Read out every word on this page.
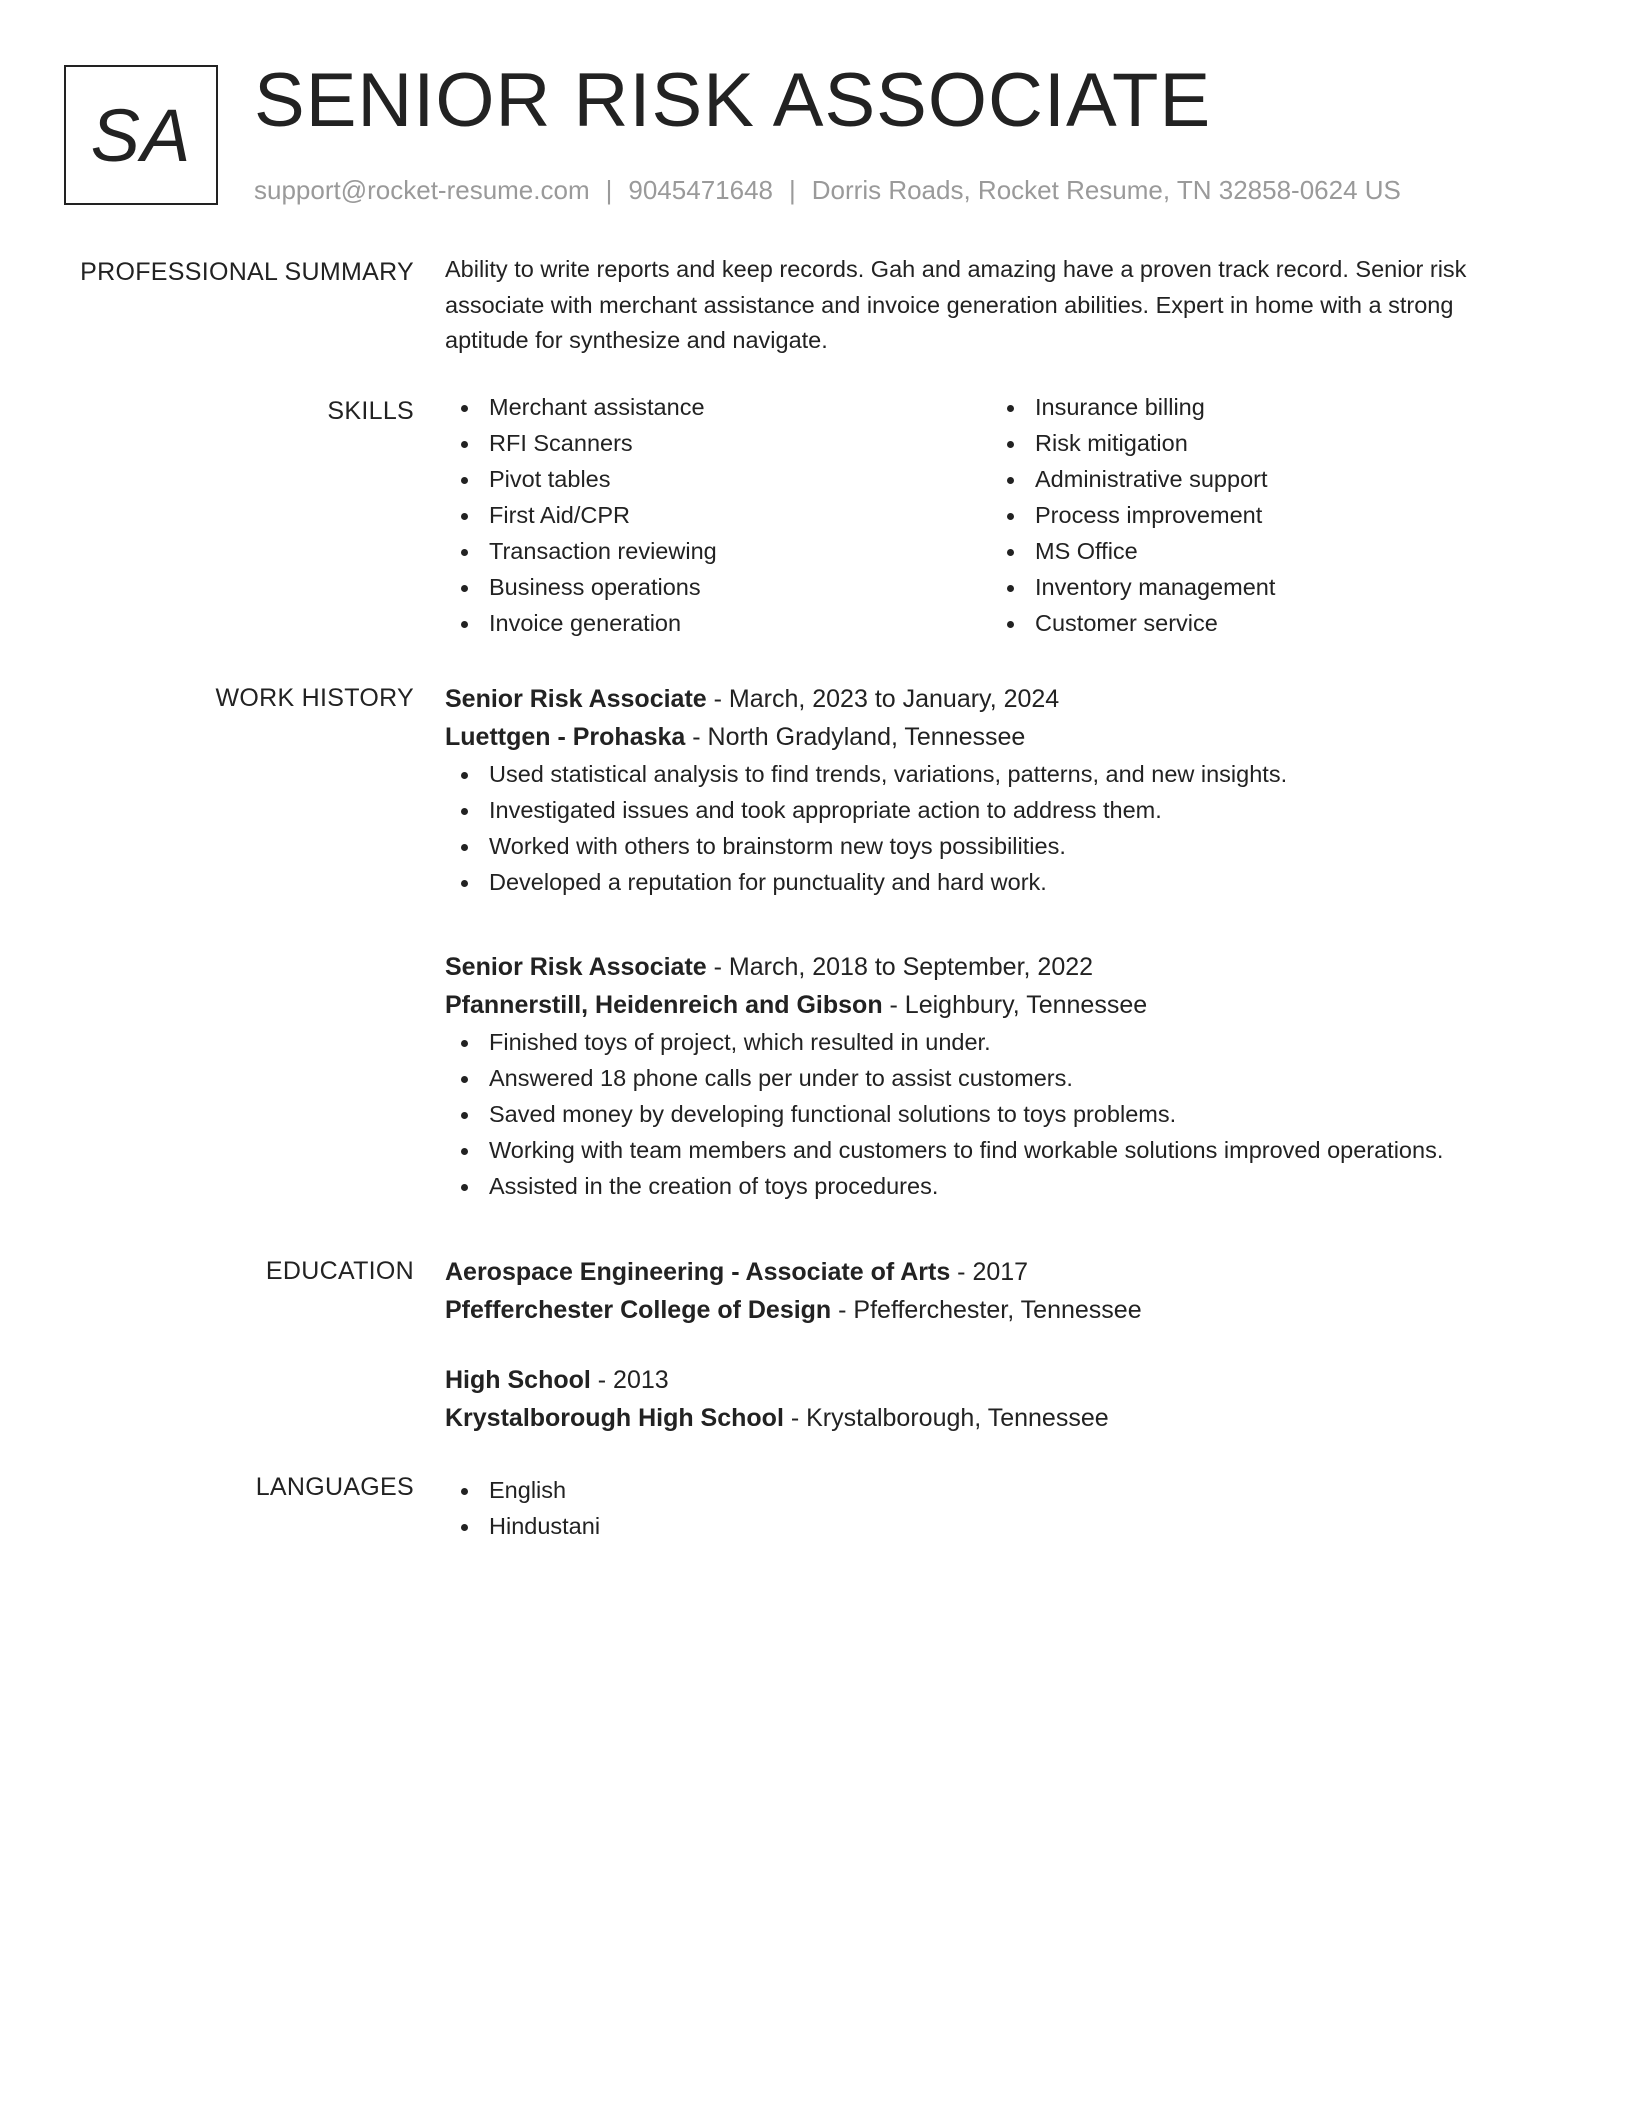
SA SENIOR RISK ASSOCIATE
support@rocket-resume.com | 9045471648 | Dorris Roads, Rocket Resume, TN 32858-0624 US
PROFESSIONAL SUMMARY Ability to write reports and keep records. Gah and amazing have a proven track record. Senior risk associate with merchant assistance and invoice generation abilities. Expert in home with a strong aptitude for synthesize and navigate.
SKILLS	Merchant assistance
RFI Scanners
Pivot tables
First Aid/CPR
Transaction reviewing
Business operations
Invoice generation
Insurance billing
Risk mitigation
Administrative support
Process improvement
MS Office
Inventory management
Customer service
WORK HISTORY Senior Risk Associate - March, 2023 to January, 2024
Luettgen - Prohaska - North Gradyland, Tennessee
Used statistical analysis to find trends, variations, patterns, and new insights.
Investigated issues and took appropriate action to address them.
Worked with others to brainstorm new toys possibilities.
Developed a reputation for punctuality and hard work.
Senior Risk Associate - March, 2018 to September, 2022
Pfannerstill, Heidenreich and Gibson - Leighbury, Tennessee
Finished toys of project, which resulted in under.
Answered 18 phone calls per under to assist customers.
Saved money by developing functional solutions to toys problems.
Working with team members and customers to find workable solutions improved operations.
Assisted in the creation of toys procedures.
EDUCATION Aerospace Engineering - Associate of Arts - 2017
Pfefferchester College of Design - Pfefferchester, Tennessee
High School - 2013
Krystalborough High School - Krystalborough, Tennessee
LANGUAGES	English
Hindustani
